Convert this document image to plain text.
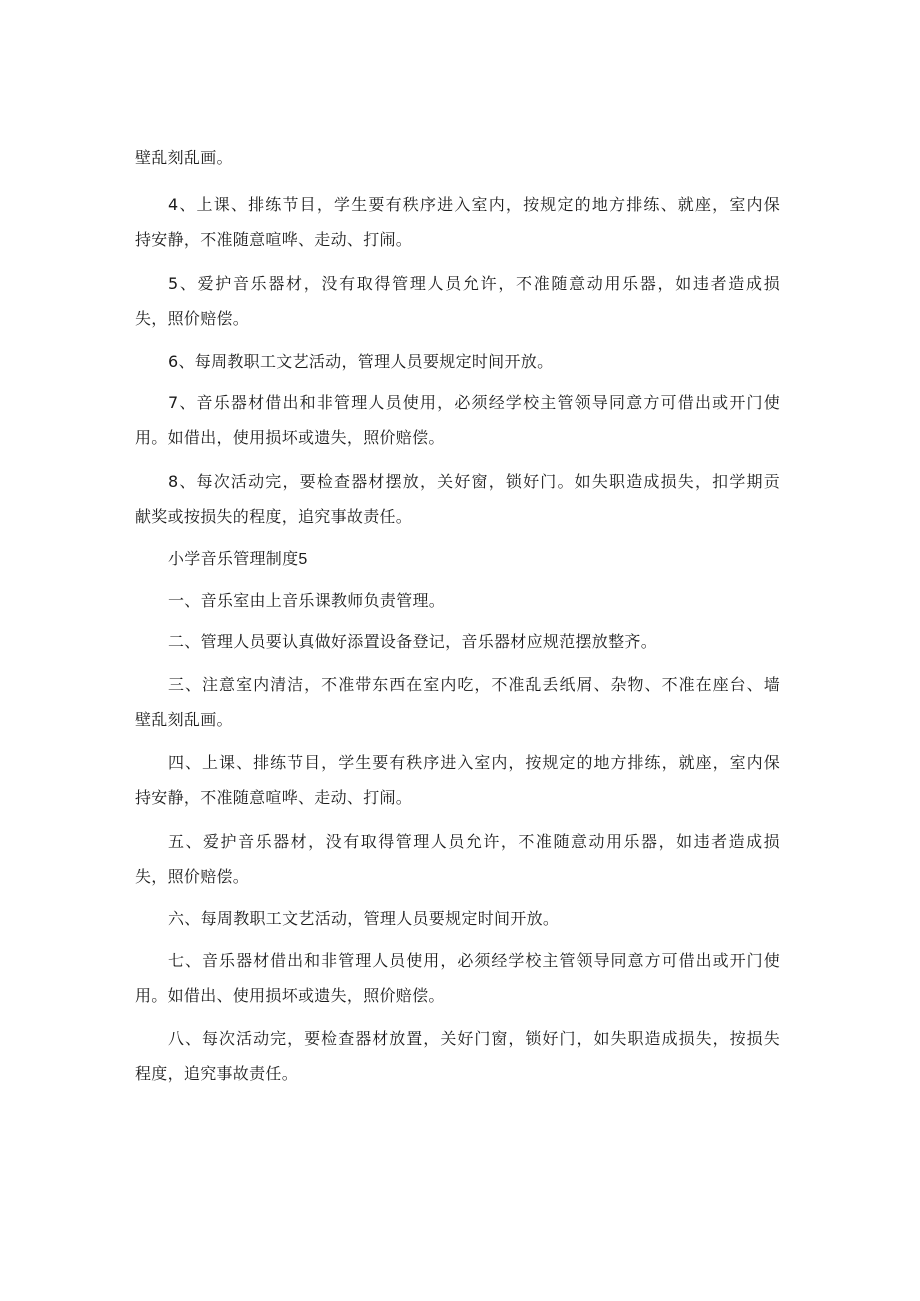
壁乱刻乱画。
4、上课、排练节目，学生要有秩序进入室内，按规定的地方排练、就座，室内保
持安静，不准随意喧哗、走动、打闹。
5、爱护音乐器材，没有取得管理人员允许，不准随意动用乐器，如违者造成损
失，照价赔偿。
6、每周教职工文艺活动，管理人员要规定时间开放。
7、音乐器材借出和非管理人员使用，必须经学校主管领导同意方可借出或开门使
用。如借出，使用损坏或遗失，照价赔偿。
8、每次活动完，要检查器材摆放，关好窗，锁好门。如失职造成损失，扣学期贡
献奖或按损失的程度，追究事故责任。
小学音乐管理制度5
一、音乐室由上音乐课教师负责管理。
二、管理人员要认真做好添置设备登记，音乐器材应规范摆放整齐。
三、注意室内清洁，不准带东西在室内吃，不准乱丢纸屑、杂物、不准在座台、墙
壁乱刻乱画。
四、上课、排练节目，学生要有秩序进入室内，按规定的地方排练，就座，室内保
持安静，不准随意喧哗、走动、打闹。
五、爱护音乐器材，没有取得管理人员允许，不准随意动用乐器，如违者造成损
失，照价赔偿。
六、每周教职工文艺活动，管理人员要规定时间开放。
七、音乐器材借出和非管理人员使用，必须经学校主管领导同意方可借出或开门使
用。如借出、使用损坏或遗失，照价赔偿。
八、每次活动完，要检查器材放置，关好门窗，锁好门，如失职造成损失，按损失
程度，追究事故责任。
